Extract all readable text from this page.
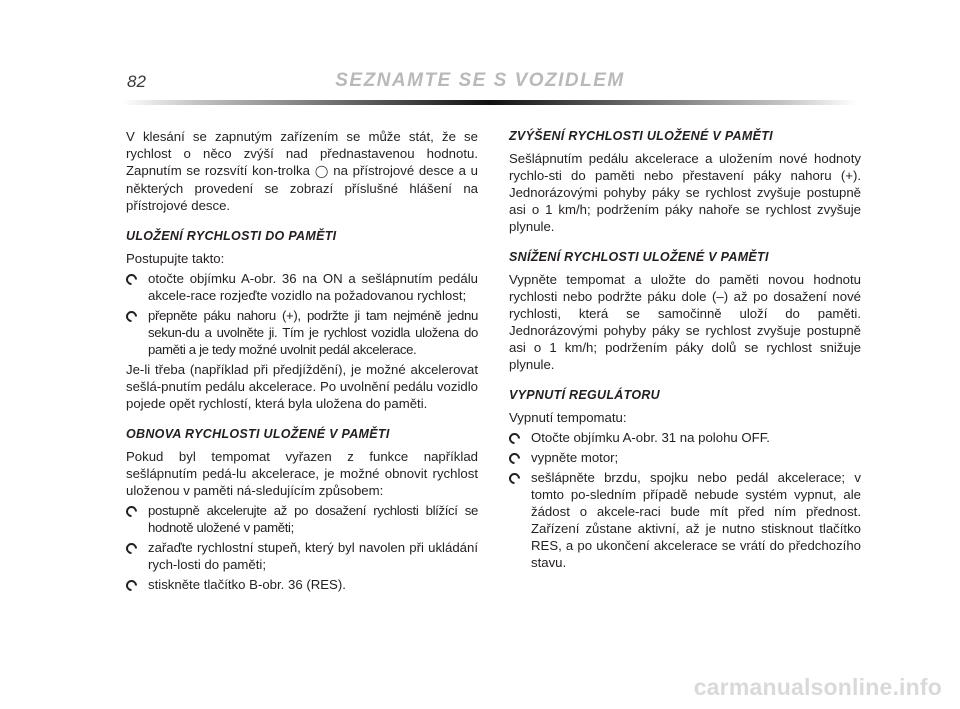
82	SEZNAMTE SE S VOZIDLEM

V klesání se zapnutým zařízením se může stát, že se rychlost o něco zvýší nad přednastavenou hodnotu. Zapnutím se rozsvítí kon-trolka ◯ na přístrojové desce a u některých provedení se zobrazí příslušné hlášení na přístrojové desce.

ULOŽENÍ RYCHLOSTI DO PAMĚTI

Postupujte takto:

otočte objímku A-obr. 36 na ON a sešlápnutím pedálu akcele-race rozjeďte vozidlo na požadovanou rychlost;
přepněte páku nahoru (+), podržte ji tam nejméně jednu sekun-du a uvolněte ji. Tím je rychlost vozidla uložena do paměti a je tedy možné uvolnit pedál akcelerace.

Je-li třeba (například při předjíždění), je možné akcelerovat sešlá-pnutím pedálu akcelerace. Po uvolnění pedálu vozidlo pojede opět rychlostí, která byla uložena do paměti.

OBNOVA RYCHLOSTI ULOŽENÉ V PAMĚTI

Pokud byl tempomat vyřazen z funkce například sešlápnutím pedá-lu akcelerace, je možné obnovit rychlost uloženou v paměti ná-sledujícím způsobem:

postupně akcelerujte až po dosažení rychlosti blížící se hodnotě uložené v paměti;
zařaďte rychlostní stupeň, který byl navolen při ukládání rych-losti do paměti;
stiskněte tlačítko B-obr. 36 (RES).
ZVÝŠENÍ RYCHLOSTI ULOŽENÉ V PAMĚTI

Sešlápnutím pedálu akcelerace a uložením nové hodnoty rychlo-sti do paměti nebo přestavení páky nahoru (+). Jednorázovými pohyby páky se rychlost zvyšuje postupně asi o 1 km/h; podržením páky nahoře se rychlost zvyšuje plynule.

SNÍŽENÍ RYCHLOSTI ULOŽENÉ V PAMĚTI

Vypněte tempomat a uložte do paměti novou hodnotu rychlosti nebo podržte páku dole (–) až po dosažení nové rychlosti, která se samočinně uloží do paměti. Jednorázovými pohyby páky se rychlost zvyšuje postupně asi o 1 km/h; podržením páky dolů se rychlost snižuje plynule.

VYPNUTÍ REGULÁTORU

Vypnutí tempomatu:

Otočte objímku A-obr. 31 na polohu OFF.
vypněte motor;
sešlápněte brzdu, spojku nebo pedál akcelerace; v tomto po-sledním případě nebude systém vypnut, ale žádost o akcele-raci bude mít před ním přednost. Zařízení zůstane aktivní, až je nutno stisknout tlačítko RES, a po ukončení akcelerace se vrátí do předchozího stavu.
carmanualsonline.info
